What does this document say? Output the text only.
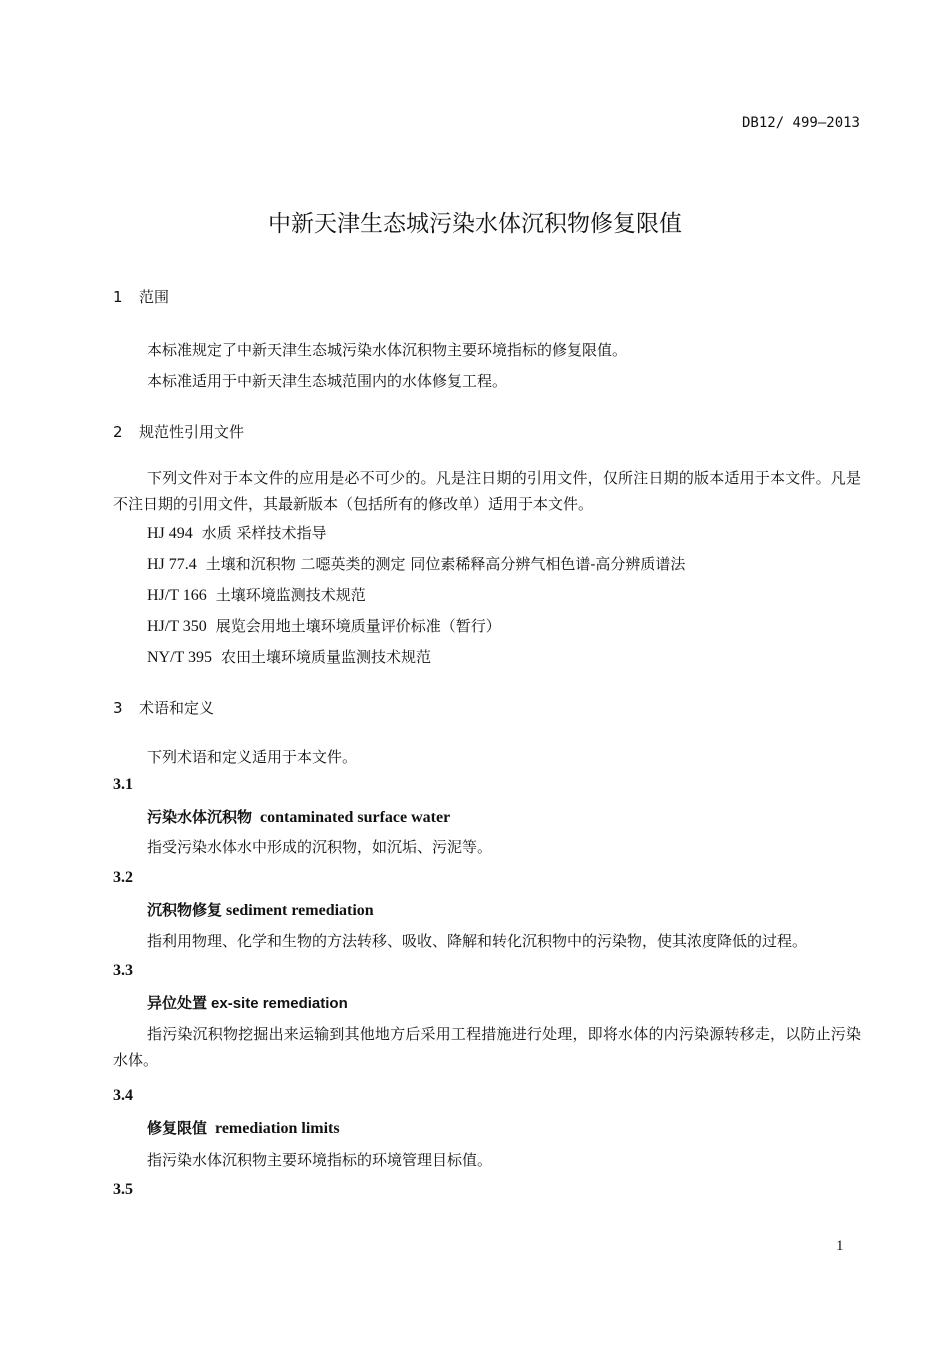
DB12/ 499—2013
中新天津生态城污染水体沉积物修复限值
1 范围
本标准规定了中新天津生态城污染水体沉积物主要环境指标的修复限值。
本标准适用于中新天津生态城范围内的水体修复工程。
2 规范性引用文件
下列文件对于本文件的应用是必不可少的。凡是注日期的引用文件，仅所注日期的版本适用于本文件。凡是不注日期的引用文件，其最新版本（包括所有的修改单）适用于本文件。
HJ 494 水质 采样技术指导
HJ 77.4 土壤和沉积物 二噁英类的测定 同位素稀释高分辨气相色谱-高分辨质谱法
HJ/T 166 土壤环境监测技术规范
HJ/T 350 展览会用地土壤环境质量评价标准（暂行）
NY/T 395 农田土壤环境质量监测技术规范
3 术语和定义
下列术语和定义适用于本文件。
3.1
污染水体沉积物 contaminated surface water
指受污染水体水中形成的沉积物，如沉垢、污泥等。
3.2
沉积物修复 sediment remediation
指利用物理、化学和生物的方法转移、吸收、降解和转化沉积物中的污染物，使其浓度降低的过程。
3.3
异位处置 ex-site remediation
指污染沉积物挖掘出来运输到其他地方后采用工程措施进行处理，即将水体的内污染源转移走，以防止污染水体。
3.4
修复限值 remediation limits
指污染水体沉积物主要环境指标的环境管理目标值。
3.5
1
